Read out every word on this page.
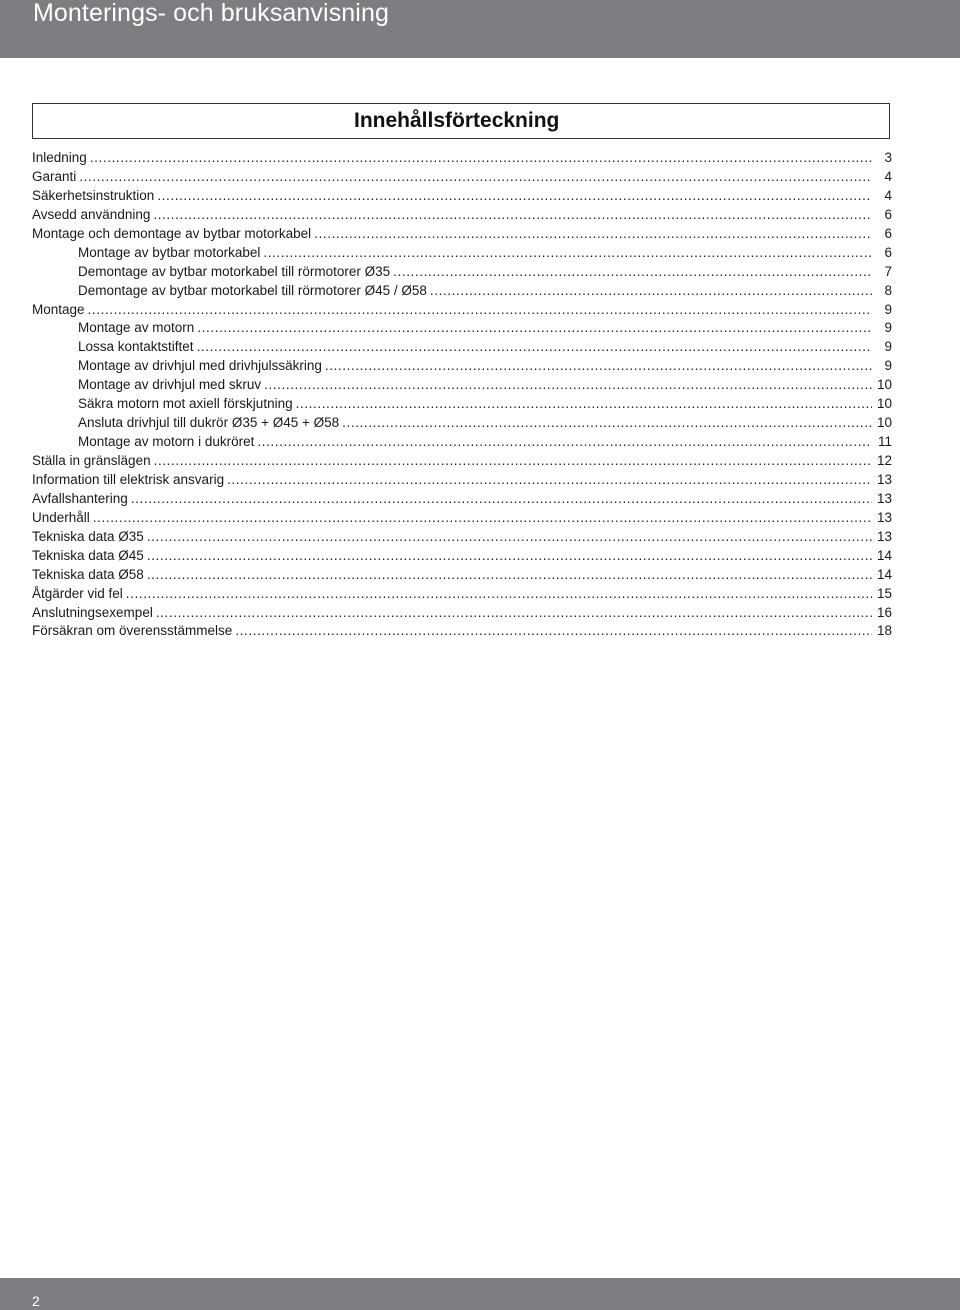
Monterings- och bruksanvisning
Innehållsförteckning
Inledning .....	3
Garanti .....	4
Säkerhetsinstruktion .....	4
Avsedd användning .....	6
Montage och demontage av bytbar motorkabel .....	6
Montage av bytbar motorkabel .....	6
Demontage av bytbar motorkabel till rörmotorer Ø35 .....	7
Demontage av bytbar motorkabel till rörmotorer Ø45 / Ø58 .....	8
Montage .....	9
Montage av motorn .....	9
Lossa kontaktstiftet .....	9
Montage av drivhjul med drivhjulssäkring .....	9
Montage av drivhjul med skruv .....	10
Säkra motorn mot axiell förskjutning .....	10
Ansluta drivhjul till dukrör Ø35 + Ø45 + Ø58 .....	10
Montage av motorn i dukröret .....	11
Ställa in gränslägen .....	12
Information till elektrisk ansvarig .....	13
Avfallshantering .....	13
Underhåll .....	13
Tekniska data Ø35 .....	13
Tekniska data Ø45 .....	14
Tekniska data Ø58 .....	14
Åtgärder vid fel .....	15
Anslutningsexempel .....	16
Försäkran om överensstämmelse .....	18
2
